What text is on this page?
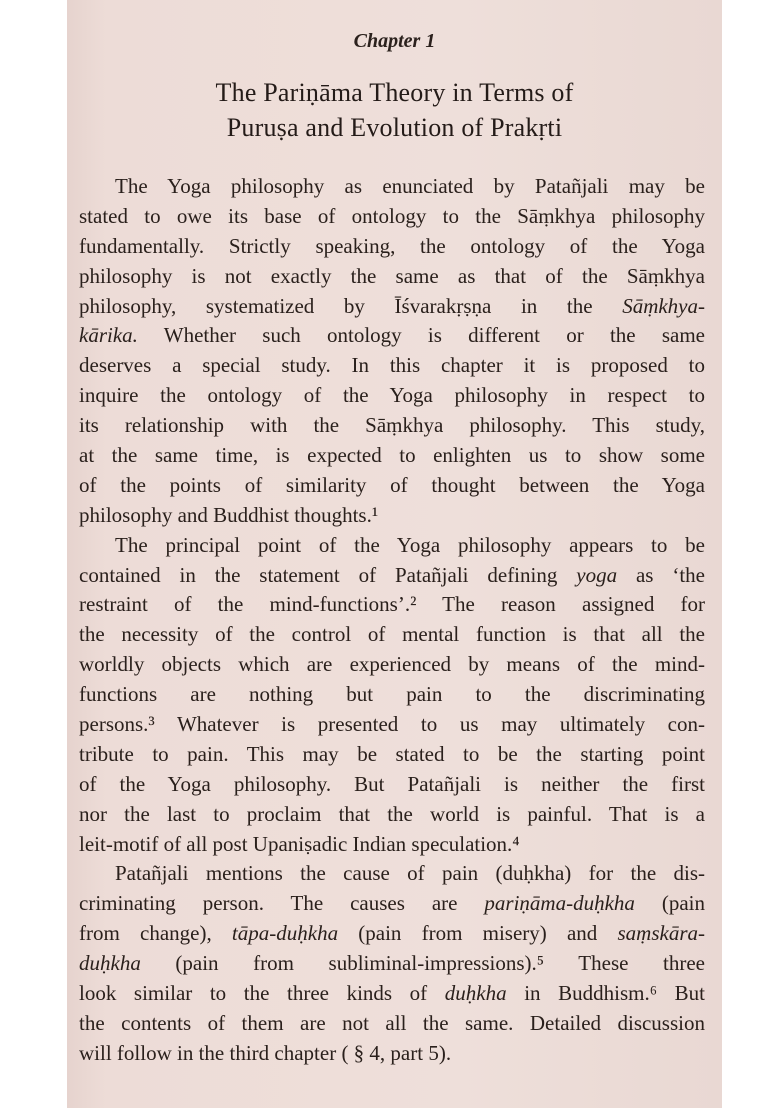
Chapter 1
The Pariṇāma Theory in Terms of
Puruṣa and Evolution of Prakṛti
The Yoga philosophy as enunciated by Patañjali may be
stated to owe its base of ontology to the Sāṃkhya philosophy
fundamentally. Strictly speaking, the ontology of the Yoga
philosophy is not exactly the same as that of the Sāṃkhya
philosophy, systematized by Īśvarakṛṣṇa in the Sāṃkhya-
kārika. Whether such ontology is different or the same
deserves a special study. In this chapter it is proposed to
inquire the ontology of the Yoga philosophy in respect to
its relationship with the Sāṃkhya philosophy. This study,
at the same time, is expected to enlighten us to show some
of the points of similarity of thought between the Yoga
philosophy and Buddhist thoughts.¹
The principal point of the Yoga philosophy appears to be
contained in the statement of Patañjali defining yoga as ‘the
restraint of the mind-functions’.² The reason assigned for
the necessity of the control of mental function is that all the
worldly objects which are experienced by means of the mind-
functions are nothing but pain to the discriminating
persons.³ Whatever is presented to us may ultimately con-
tribute to pain. This may be stated to be the starting point
of the Yoga philosophy. But Patañjali is neither the first
nor the last to proclaim that the world is painful. That is a
leit-motif of all post Upaniṣadic Indian speculation.⁴
Patañjali mentions the cause of pain (duḥkha) for the dis-
criminating person. The causes are pariṇāma-duḥkha (pain
from change), tāpa-duḥkha (pain from misery) and saṃskāra-
duḥkha (pain from subliminal-impressions).⁵ These three
look similar to the three kinds of duḥkha in Buddhism.⁶ But
the contents of them are not all the same. Detailed discussion
will follow in the third chapter ( § 4, part 5).
